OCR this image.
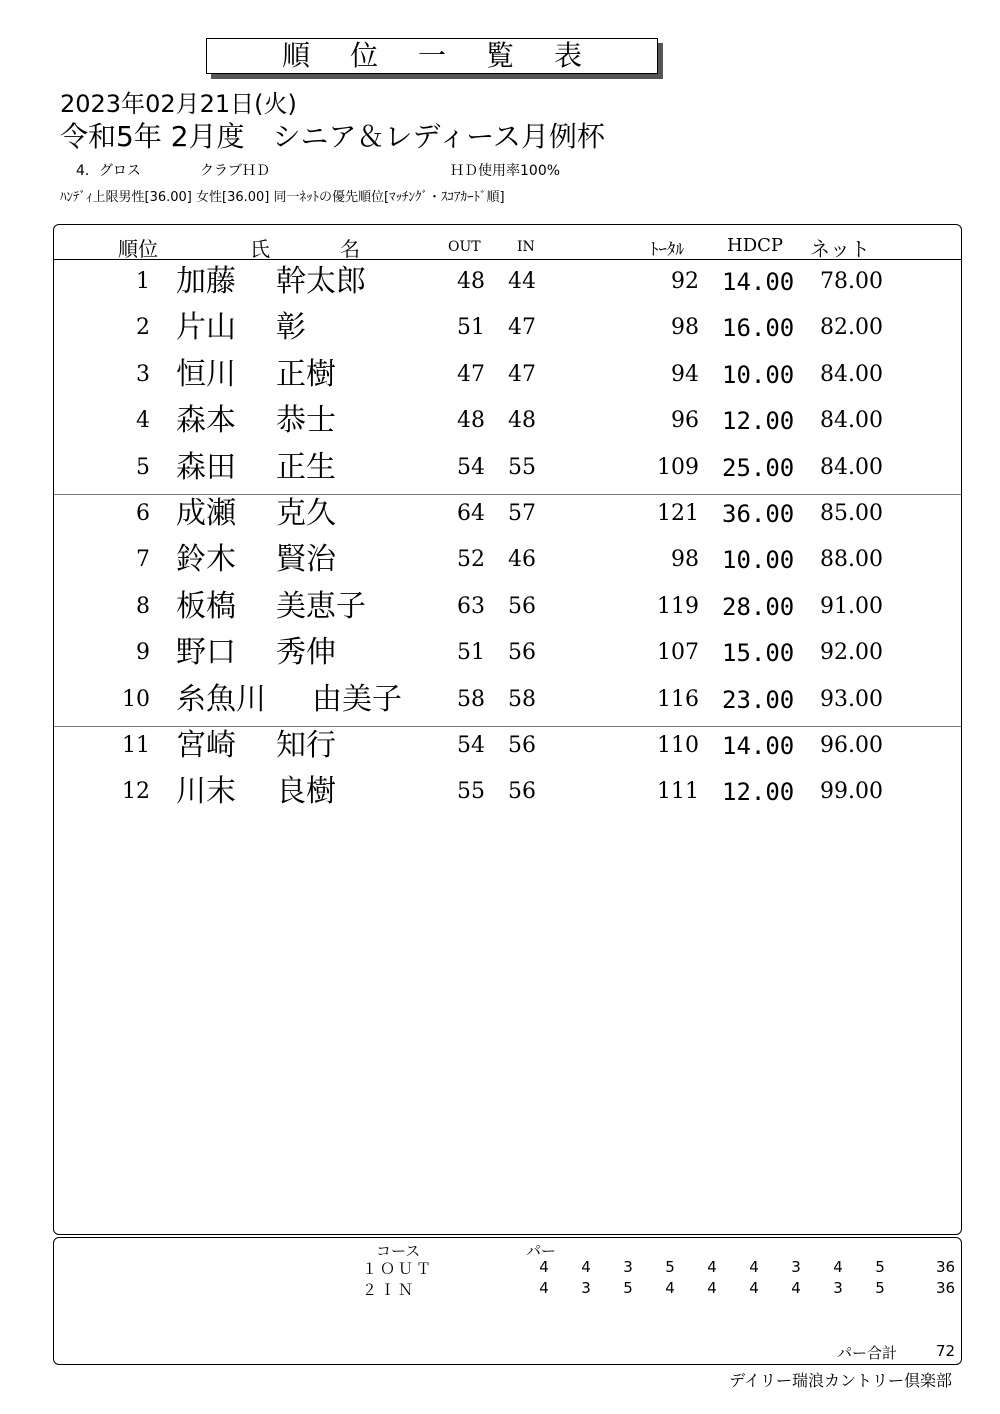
順位一覧表
2023年02月21日(火)
令和5年 2月度　シニア＆レディース月例杯
4．グロス	クラブＨＤ	ＨＤ使用率100%
ﾊﾝﾃﾞｨ上限男性[36.00] 女性[36.00] 同一ﾈｯﾄの優先順位[ﾏｯﾁﾝｸﾞ・ｽｺｱｶｰﾄﾞ順]
順位	氏	名	OUT	IN	ﾄｰﾀﾙ HDCP ネット
1 加藤 幹太郎	48 44	92 14.00 78.00
2 片山 彰	51 47	98 16.00 82.00
3 恒川 正樹	47 47	94 10.00 84.00
4 森本 恭士	48 48	96 12.00 84.00
5 森田 正生	54 55	109 25.00 84.00
6 成瀬 克久	64 57	121 36.00 85.00
7 鈴木 賢治	52 46	98 10.00 88.00
8 板槗 美恵子	63 56	119 28.00 91.00
9 野口 秀伸	51 56	107 15.00 92.00
10 糸魚川 由美子	58 58	116 23.00 93.00
11 宮崎 知行	54 56	110 14.00 96.00
12 川末 良樹	55 56	111 12.00 99.00
コース	パー
１ＯＵＴ	4	4	3	5	4	4	3	4	5	36
２ＩＮ	4	3	5	4	4	4	4	3	5	36
パー合計	72
デイリー瑞浪カントリー倶楽部
